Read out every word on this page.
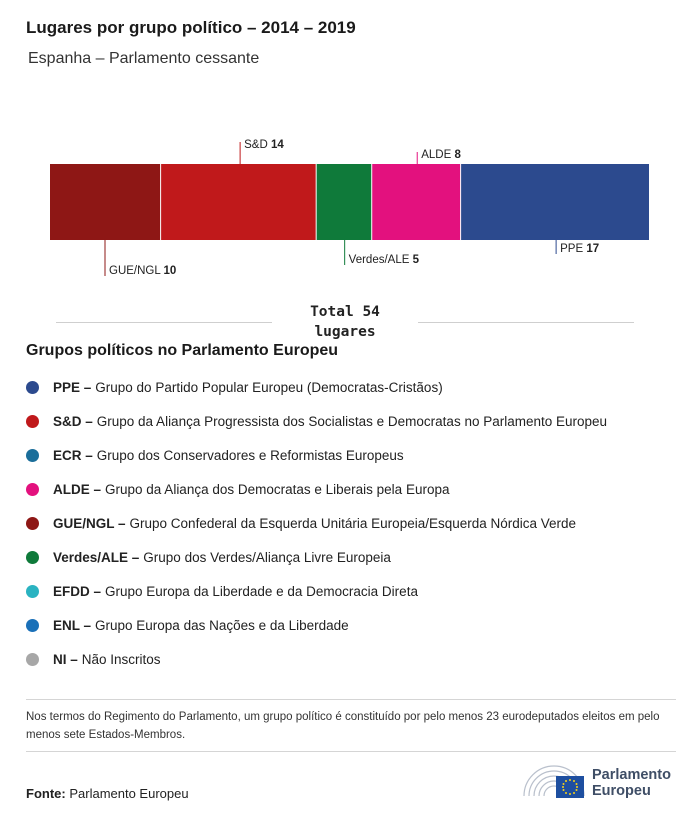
Lugares por grupo político – 2014 – 2019

Espanha – Parlamento cessante

GUE/NGL 10
S&D 14
Verdes/ALE 5
ALDE 8
PPE 17
Total 54 lugares
Grupos políticos no Parlamento Europeu
PPE – Grupo do Partido Popular Europeu (Democratas-Cristãos)
S&D – Grupo da Aliança Progressista dos Socialistas e Democratas no Parlamento Europeu
ECR – Grupo dos Conservadores e Reformistas Europeus
ALDE – Grupo da Aliança dos Democratas e Liberais pela Europa
GUE/NGL – Grupo Confederal da Esquerda Unitária Europeia/Esquerda Nórdica Verde
Verdes/ALE – Grupo dos Verdes/Aliança Livre Europeia
EFDD – Grupo Europa da Liberdade e da Democracia Direta
ENL – Grupo Europa das Nações e da Liberdade
NI – Não Inscritos

Nos termos do Regimento do Parlamento, um grupo político é constituído por pelo menos 23 eurodeputados eleitos em pelo menos sete Estados-Membros.

Fonte: Parlamento Europeu
Parlamento
Europeu
